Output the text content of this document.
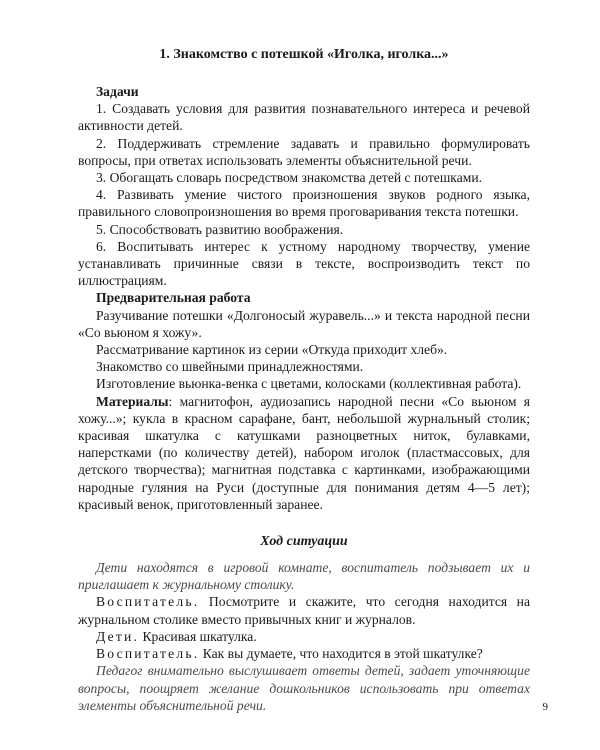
1. Знакомство с потешкой «Иголка, иголка...»

Задачи

1. Создавать условия для развития познавательного интереса и речевой активности детей.

2. Поддерживать стремление задавать и правильно формулировать вопросы, при ответах использовать элементы объяснительной речи.

3. Обогащать словарь посредством знакомства детей с потешками.

4. Развивать умение чистого произношения звуков родного языка, правильного словопроизношения во время проговаривания текста потешки.

5. Способствовать развитию воображения.

6. Воспитывать интерес к устному народному творчеству, умение устанавливать причинные связи в тексте, воспроизводить текст по иллюстрациям.

Предварительная работа

Разучивание потешки «Долгоносый журавель...» и текста народной песни «Со вьюном я хожу».

Рассматривание картинок из серии «Откуда приходит хлеб».

Знакомство со швейными принадлежностями.

Изготовление вьюнка-венка с цветами, колосками (коллективная работа).

Материалы: магнитофон, аудиозапись народной песни «Со вьюном я хожу...»; кукла в красном сарафане, бант, небольшой журнальный столик; красивая шкатулка с катушками разноцветных ниток, булавками, наперстками (по количеству детей), набором иголок (пластмассовых, для детского творчества); магнитная подставка с картинками, изображающими народные гуляния на Руси (доступные для понимания детям 4—5 лет); красивый венок, приготовленный заранее.

Ход ситуации

Дети находятся в игровой комнате, воспитатель подзывает их и приглашает к журнальному столику.

Воспитатель. Посмотрите и скажите, что сегодня находится на журнальном столике вместо привычных книг и журналов.

Дети. Красивая шкатулка.

Воспитатель. Как вы думаете, что находится в этой шкатулке?

Педагог внимательно выслушивает ответы детей, задает уточняющие вопросы, поощряет желание дошкольников использовать при ответах элементы объяснительной речи.	9
